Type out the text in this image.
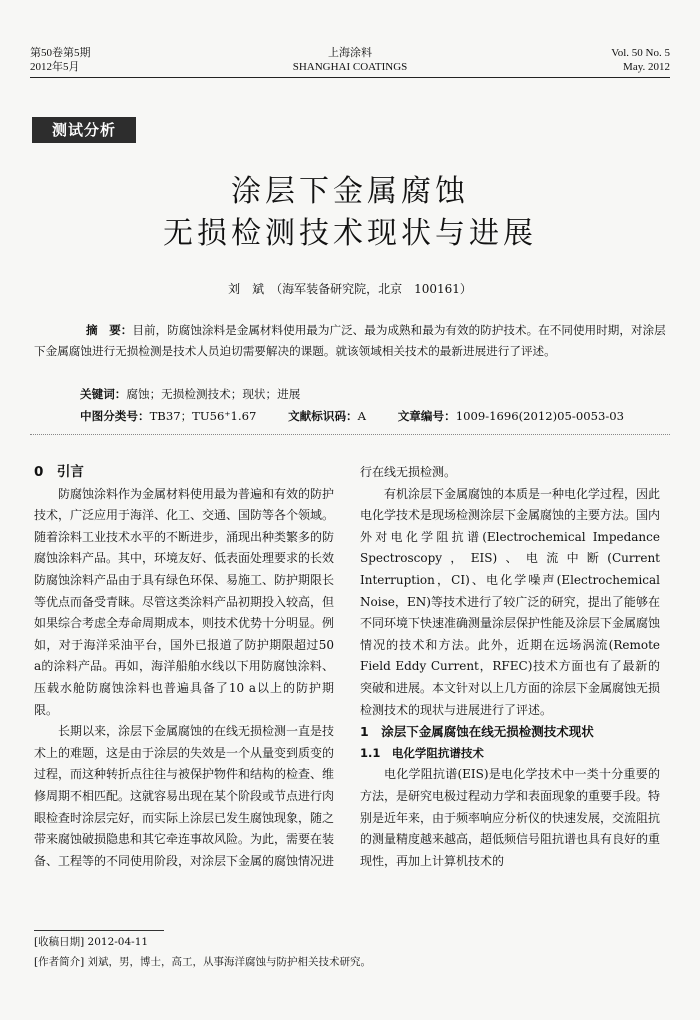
第50卷第5期
2012年5月
上海涂料
SHANGHAI COATINGS
Vol. 50 No. 5
May. 2012
测试分析
涂层下金属腐蚀
无损检测技术现状与进展
刘　斌　（海军装备研究院，北京　100161）
摘　要：目前，防腐蚀涂料是金属材料使用最为广泛、最为成熟和最为有效的防护技术。在不同使用时期，对涂层下金属腐蚀进行无损检测是技术人员迫切需要解决的课题。就该领域相关技术的最新进展进行了评述。
关键词：腐蚀；无损检测技术；现状；进展
中图分类号：TB37；TU56⁺1.67	文献标识码：A	文章编号：1009-1696(2012)05-0053-03

0　引言

防腐蚀涂料作为金属材料使用最为普遍和有效的防护技术，广泛应用于海洋、化工、交通、国防等各个领域。随着涂料工业技术水平的不断进步，涌现出种类繁多的防腐蚀涂料产品。其中，环境友好、低表面处理要求的长效防腐蚀涂料产品由于具有绿色环保、易施工、防护期限长等优点而备受青睐。尽管这类涂料产品初期投入较高，但如果综合考虑全寿命周期成本，则技术优势十分明显。例如，对于海洋采油平台，国外已报道了防护期限超过50 a的涂料产品。再如，海洋船舶水线以下用防腐蚀涂料、压载水舱防腐蚀涂料也普遍具备了10 a以上的防护期限。

长期以来，涂层下金属腐蚀的在线无损检测一直是技术上的难题，这是由于涂层的失效是一个从量变到质变的过程，而这种转折点往往与被保护物件和结构的检查、维修周期不相匹配。这就容易出现在某个阶段或节点进行肉眼检查时涂层完好，而实际上涂层已发生腐蚀现象，随之带来腐蚀破损隐患和其它牵连事故风险。为此，需要在装备、工程等的不同使用阶段，对涂层下金属的腐蚀情况进

行在线无损检测。

有机涂层下金属腐蚀的本质是一种电化学过程，因此电化学技术是现场检测涂层下金属腐蚀的主要方法。国内外对电化学阻抗谱(Electrochemical Impedance Spectroscopy，EIS)、电流中断(Current Interruption，CI)、电化学噪声(Electrochemical Noise，EN)等技术进行了较广泛的研究，提出了能够在不同环境下快速准确测量涂层保护性能及涂层下金属腐蚀情况的技术和方法。此外，近期在远场涡流(Remote Field Eddy Current，RFEC)技术方面也有了最新的突破和进展。本文针对以上几方面的涂层下金属腐蚀无损检测技术的现状与进展进行了评述。

1　涂层下金属腐蚀在线无损检测技术现状

1.1　电化学阻抗谱技术

电化学阻抗谱(EIS)是电化学技术中一类十分重要的方法，是研究电极过程动力学和表面现象的重要手段。特别是近年来，由于频率响应分析仪的快速发展，交流阻抗的测量精度越来越高，超低频信号阻抗谱也具有良好的重现性，再加上计算机技术的

[收稿日期] 2012-04-11
[作者简介] 刘斌，男，博士，高工，从事海洋腐蚀与防护相关技术研究。
